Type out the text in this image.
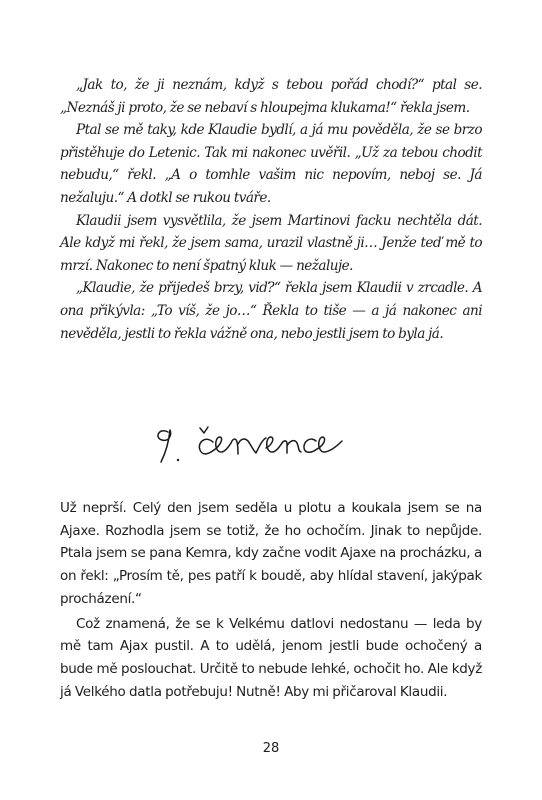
„Jak to, že ji neznám, když s tebou pořád chodí?“ ptal se. „Neznáš ji proto, že se nebaví s hloupejma klukama!“ řekla jsem.

Ptal se mě taky, kde Klaudie bydlí, a já mu pověděla, že se brzo přistěhuje do Letenic. Tak mi nakonec uvěřil. „Už za tebou chodit nebudu,“ řekl. „A o tomhle vašim nic nepovím, neboj se. Já nežaluju.“ A dotkl se rukou tváře.

Klaudii jsem vysvětlila, že jsem Martinovi facku nechtěla dát. Ale když mi řekl, že jsem sama, urazil vlastně ji… Jenže teď mě to mrzí. Nakonec to není špatný kluk — nežaluje.

„Klaudie, že přijedeš brzy, viď?“ řekla jsem Klaudii v zrcadle. A ona přikývla: „To víš, že jo…“ Řekla to tiše — a já nakonec ani nevěděla, jestli to řekla vážně ona, nebo jestli jsem to byla já.

Už neprší. Celý den jsem seděla u plotu a koukala jsem se na Ajaxe. Rozhodla jsem se totiž, že ho ochočím. Jinak to nepůjde. Ptala jsem se pana Kemra, kdy začne vodit Ajaxe na procházku, a on řekl: „Prosím tě, pes patří k boudě, aby hlídal stavení, jakýpak procházení.“

Což znamená, že se k Velkému datlovi nedostanu — leda by mě tam Ajax pustil. A to udělá, jenom jestli bude ochočený a bude mě poslouchat. Určitě to nebude lehké, ochočit ho. Ale když já Velkého datla potřebuju! Nutně! Aby mi přičaroval Klaudii.

28
